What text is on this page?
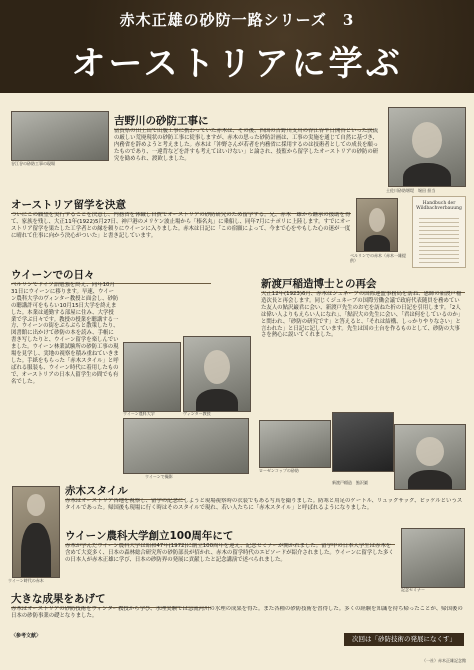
赤木正雄の砂防一路シリーズ　3
オーストリアに学ぶ
谷江谷の砂防工事の現場
吉野川の砂防工事に
富賀県の田上山で山腹工事に携わっていた赤木は、その後、四国の吉野川支川の谷江谷や日開谷といった渓流の厳しい荒廃現状の砂防工事に従事しますが、赤木の思った砂防計画は、工事の実施を通じて自然に基づき、内務省を辞めようと考えました。赤木は「沖野さんが若者を内務省に採用するのは技術者としての成長を願ったものであり、一違背などを許すも考えてはいけない」と論され、技監から留学したオーストリアの砂防の研究を勧められ、渡欧しました。
土佐川砂防堰堤　堀田 担当
オーストリア留学を決意
ついにこの願望を実行することを決意し、内務省を休職し自費でオーストリアの砂防研究のため留学する。兄、赤木一雄から継承の援助を得て、家族を残し、大正11年(1922)5月27日、神戸港のメリケン波止場から「榛名丸」に乗船し、同年7月にナポリに上陸します。すでにオーストリア留学を果たした工学者との縁を頼りにウイーンに入りました。赤木は日記に「この宿願によって、今まで心をやもした心の迷が一度に晴れて仕事に向かう決心がついた」と書き記しています。
ベルリンでの赤木（赤木一雄提供）
Handbuch der Wildbachverbauung
ウイーンでの日々
ベルリンでドイツ語勉強を終え、同年10月31日にウイーンに移ります。早速、ウイーン農科大学のヴィンター教授と面会し、砂防の聴講許可をもらい10月15日大学を終えました。本業は通勤する部屋に住み、大学授業で学ぶ日々です。教授の授業を聴講する一方、ウイーンの街をぶらぶらと散策したり、図書館に出かけて砂防の本を読み、手帳に書き写したりと、ウイーン留学を楽しんでいました。ウイーン林業試験所の砂防工事の現場を見学し、実地の視察を積み重ねていきました。手紙をもらった「赤木スタイル」と呼ばれる服装も、ウイーン時代に着用したもので、オーストリアの日本人留学生の間でも有名でした。
ウイーン農科大学	ヴィンター教授
ウイーンで撮影
新渡戸稲造博士との再会
大正12年(1923)6月、赤木はジュネーブの国際連盟事務局を訪ね、恩師の新渡戸稲造次長と再会します。同じくジュネーブの国際労働会議で政府代表随員を務めていた友人の鮎沢巌君に会い、新渡戸先生のお宅を訪ねた折の日記を引用します。「2人は偉い人よりもえらい人になれ」、「鮎沢大の先生に会い、「君は何をしているのか」と問われ、「砂防の研究です」と答えると、「それは結構、しっかりやりなさい」と言われた」と日記に記しています。先生は国の土台を作るものとして、砂防の大事さを熱心に説いてくれました。
ローゼンコップの砂防
新渡戸稲造　鮎沢巌
ウイーン時代の赤木
赤木スタイル
赤木はオーストリア各地を視察し、留学の記念にしようと現場視察時の衣装でもある写真を撮りました。防寒と用足のゲートル、リュックサック、ピッケルというスタイルであった。帰国後も現場に行く時はそのスタイルで現れ、若い人たちに「赤木スタイル」と呼ばれるようになりました。
ウイーン農科大学創立100周年にて
赤木が学んだウイーン農科大学は昭和47年(1972)に創立100周年を迎え、記念セミナーが開かれました。留学中の日本人学生は赤木を含めて大変多く、日本の森林総合研究所の砂防部長が招かれ、赤木の留学時代のエピソードが紹介されました。ウイーンに留学した多くの日本人が赤木正雄に学び、日本の砂防界の発展に貢献したと記念講演で述べられました。
記念セミナー
大きな成果をあげて
赤木はオーストリアの砂防技術をヴィンター教授から学び、水理実験では急流河川の水理の成果を得た。また各種の砂防技術を習得した。多くの経験を知識を持ち帰ったことが、帰国後の日本の砂防事業の礎となりました。
〈参考文献〉	次回は「砂防技術の発展になくす」
（一社）赤木正雄記念館
